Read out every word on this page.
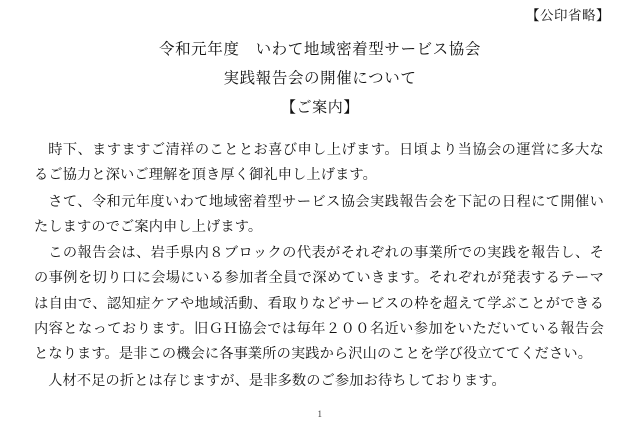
【公印省略】
令和元年度　いわて地域密着型サービス協会
実践報告会の開催について
【ご案内】

時下、ますますご清祥のこととお喜び申し上げます。日頃より当協会の運営に多大なるご協力と深いご理解を頂き厚く御礼申し上げます。

さて、令和元年度いわて地域密着型サービス協会実践報告会を下記の日程にて開催いたしますのでご案内申し上げます。

この報告会は、岩手県内８ブロックの代表がそれぞれの事業所での実践を報告し、その事例を切り口に会場にいる参加者全員で深めていきます。それぞれが発表するテーマは自由で、認知症ケアや地域活動、看取りなどサービスの枠を超えて学ぶことができる内容となっております。旧ＧＨ協会では毎年２００名近い参加をいただいている報告会となります。是非この機会に各事業所の実践から沢山のことを学び役立ててください。

人材不足の折とは存じますが、是非多数のご参加お待ちしております。

1
